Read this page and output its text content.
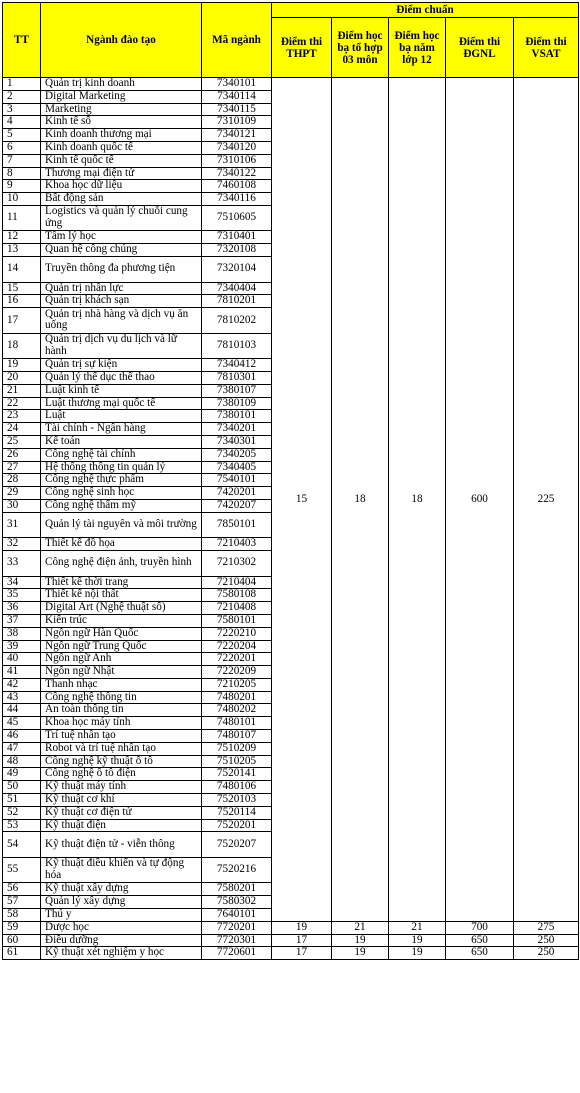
TT	Ngành đào tạo	Mã ngành	Điểm chuẩn				
			Điểm thi THPT	Điểm học bạ tổ hợp 03 môn	Điểm học bạ năm lớp 12	Điểm thi ĐGNL	Điểm thi VSAT
1	Quản trị kinh doanh	7340101	15	18	18	600	225
2	Digital Marketing	7340114					
3	Marketing	7340115					
4	Kinh tế số	7310109					
5	Kinh doanh thương mại	7340121					
6	Kinh doanh quốc tế	7340120					
7	Kinh tế quốc tế	7310106					
8	Thương mại điện tử	7340122					
9	Khoa học dữ liệu	7460108					
10	Bất động sản	7340116					
11	Logistics và quản lý chuỗi cung ứng	7510605					
12	Tâm lý học	7310401					
13	Quan hệ công chúng	7320108					
14	Truyền thông đa phương tiện	7320104					
15	Quản trị nhân lực	7340404					
16	Quản trị khách sạn	7810201					
17	Quản trị nhà hàng và dịch vụ ăn uống	7810202					
18	Quản trị dịch vụ du lịch và lữ hành	7810103					
19	Quản trị sự kiện	7340412					
20	Quản lý thể dục thể thao	7810301					
21	Luật kinh tế	7380107					
22	Luật thương mại quốc tế	7380109					
23	Luật	7380101					
24	Tài chính - Ngân hàng	7340201					
25	Kế toán	7340301					
26	Công nghệ tài chính	7340205					
27	Hệ thống thông tin quản lý	7340405					
28	Công nghệ thực phẩm	7540101					
29	Công nghệ sinh học	7420201					
30	Công nghệ thẩm mỹ	7420207					
31	Quản lý tài nguyên và môi trường	7850101					
32	Thiết kế đồ họa	7210403					
33	Công nghệ điện ảnh, truyền hình	7210302					
34	Thiết kế thời trang	7210404					
35	Thiết kế nội thất	7580108					
36	Digital Art (Nghệ thuật số)	7210408					
37	Kiến trúc	7580101					
38	Ngôn ngữ Hàn Quốc	7220210					
39	Ngôn ngữ Trung Quốc	7220204					
40	Ngôn ngữ Anh	7220201					
41	Ngôn ngữ Nhật	7220209					
42	Thanh nhạc	7210205					
43	Công nghệ thông tin	7480201					
44	An toàn thông tin	7480202					
45	Khoa học máy tính	7480101					
46	Trí tuệ nhân tạo	7480107					
47	Robot và trí tuệ nhân tạo	7510209					
48	Công nghệ kỹ thuật ô tô	7510205					
49	Công nghệ ô tô điện	7520141					
50	Kỹ thuật máy tính	7480106					
51	Kỹ thuật cơ khí	7520103					
52	Kỹ thuật cơ điện tử	7520114					
53	Kỹ thuật điện	7520201					
54	Kỹ thuật điện tử - viễn thông	7520207					
55	Kỹ thuật điều khiển và tự động hóa	7520216					
56	Kỹ thuật xây dựng	7580201					
57	Quản lý xây dựng	7580302					
58	Thú y	7640101					
59	Dược học	7720201	19	21	21	700	275
60	Điều dưỡng	7720301	17	19	19	650	250
61	Kỹ thuật xét nghiệm y học	7720601	17	19	19	650	250
